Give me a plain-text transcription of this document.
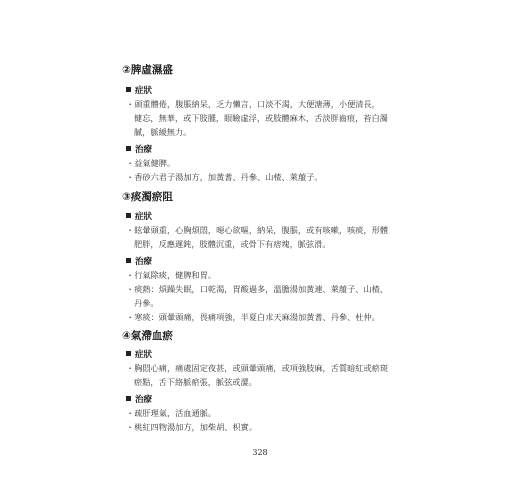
②脾虛濕盛
症狀
・頭重體倦，腹脹納呆，乏力懶言，口淡不渴，大便溏薄，小便清長，
健忘，無華，或下肢腫，眼瞼虛浮，或肢體麻木，舌淡胖齒痕，苔白濁
膩，脈緩無力。
治療
・益氣健脾。
・香砂六君子湯加方，加黃耆、丹參、山楂、萊菔子。
③痰濁瘀阻
症狀
・眩暈頭重，心胸煩悶，噁心欲嘔，納呆，腹脹，或有咳嗽，咳痰，形體
肥胖，反應遲鈍，肢體沉重，或骨下有痞塊，脈弦滑。
治療
・行氣除痰，健脾和胃。
・痰熱：煩躁失眠，口乾渴，胃酸過多，溫膽湯加黃連、萊菔子、山楂、
丹參。
・寒痰：頭暈頭痛，畏痛項強，半夏白朮天麻湯加黃耆、丹參、杜仲。
④氣滯血瘀
症狀
・胸悶心痛，痛處固定夜甚，或頭暈頭痛，或項強肢麻，舌質暗紅或瘀斑
瘀點，舌下絡脈瘀張，脈弦或澀。
治療
・疏肝理氣，活血通脈。
・桃紅四物湯加方，加柴胡、枳實。
328
